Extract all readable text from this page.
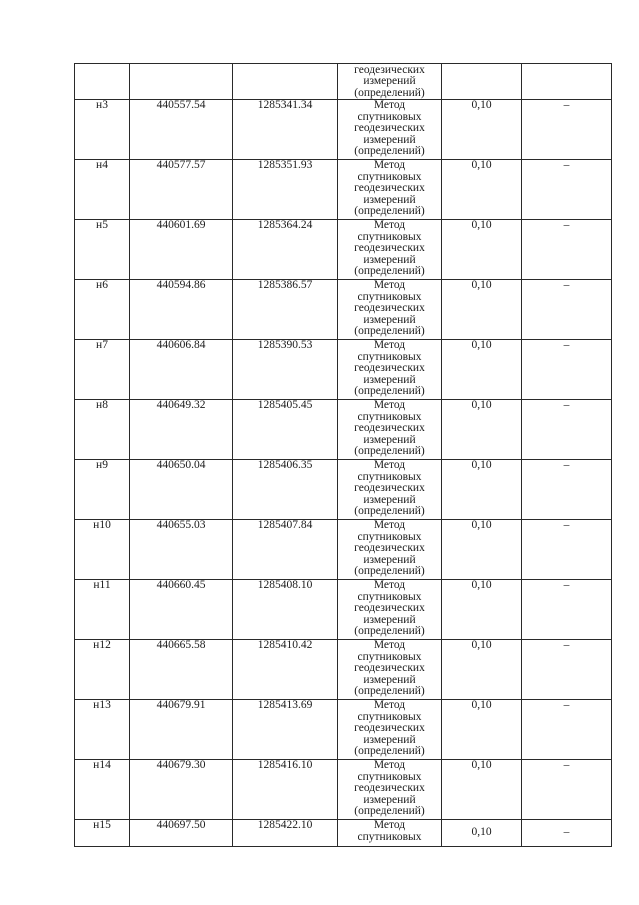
			геодезических
измерений
(определений)		

н3	440557.54	1285341.34	Метод
спутниковых
геодезических
измерений
(определений)	0,10	–
н4	440577.57	1285351.93	Метод
спутниковых
геодезических
измерений
(определений)	0,10	–
н5	440601.69	1285364.24	Метод
спутниковых
геодезических
измерений
(определений)	0,10	–
н6	440594.86	1285386.57	Метод
спутниковых
геодезических
измерений
(определений)	0,10	–
н7	440606.84	1285390.53	Метод
спутниковых
геодезических
измерений
(определений)	0,10	–
н8	440649.32	1285405.45	Метод
спутниковых
геодезических
измерений
(определений)	0,10	–
н9	440650.04	1285406.35	Метод
спутниковых
геодезических
измерений
(определений)	0,10	–
н10	440655.03	1285407.84	Метод
спутниковых
геодезических
измерений
(определений)	0,10	–
н11	440660.45	1285408.10	Метод
спутниковых
геодезических
измерений
(определений)	0,10	–
н12	440665.58	1285410.42	Метод
спутниковых
геодезических
измерений
(определений)	0,10	–
н13	440679.91	1285413.69	Метод
спутниковых
геодезических
измерений
(определений)	0,10	–
н14	440679.30	1285416.10	Метод
спутниковых
геодезических
измерений
(определений)	0,10	–
н15	440697.50	1285422.10	Метод
спутниковых	0,10	–
